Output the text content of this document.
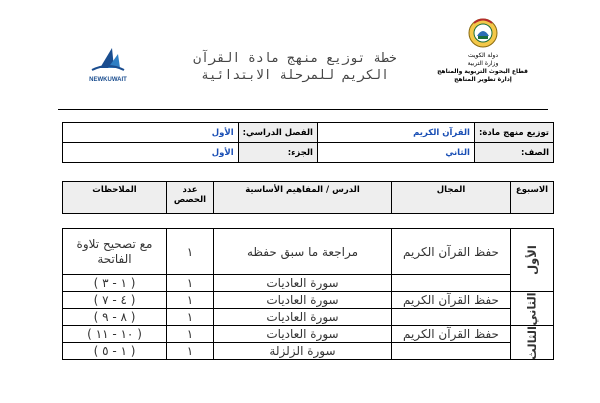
دولة الكويت
وزارة التربية
قطاع البحوث التربوية والمناهج
إدارة تطوير المناهج
خطة توزيع منهج مادة القرآن
الكريم للمرحلة الابتدائية
NEWKUWAIT
توزيع منهج مادة:	القرآن الكريم	الفصل الدراسي:	الأول
الصف:	الثاني	الجزء:	الأول
الاسبوع	المجال	الدرس / المفاهيم الأساسية	عدد الحصص	الملاحظات
الأول	حفظ القرآن الكريم	مراجعة ما سبق حفظه	١	مع تصحيح تلاوة الفاتحة
		سورة العاديات	١	( ١ - ٣ )
الثاني	حفظ القرآن الكريم	سورة العاديات	١	( ٤ - ٧ )
		سورة العاديات	١	( ٨ - ٩ )
الثالث	حفظ القرآن الكريم	سورة العاديات	١	( ١٠ - ١١ )
		سورة الزلزلة	١	( ١ - ٥ )
